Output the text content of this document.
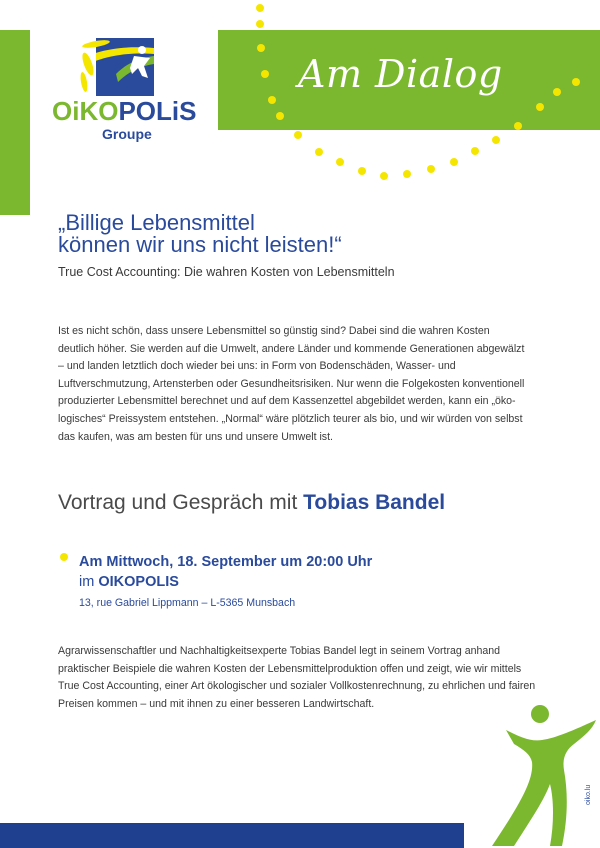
Am Dialog
OiKOPOLiS
Groupe
„Billige Lebensmittel
können wir uns nicht leisten!“
True Cost Accounting: Die wahren Kosten von Lebensmitteln
Ist es nicht schön, dass unsere Lebensmittel so günstig sind? Dabei sind die wahren Kosten deutlich höher. Sie werden auf die Umwelt, andere Länder und kommende Generationen abgewälzt – und landen letztlich doch wieder bei uns: in Form von Bodenschäden, Wasser- und Luftverschmutzung, Artensterben oder Gesundheitsrisiken. Nur wenn die Folgekosten konventionell produzierter Lebensmittel berechnet und auf dem Kassenzettel abgebildet werden, kann ein „öko-logisches“ Preissystem entstehen. „Normal“ wäre plötzlich teurer als bio, und wir würden von selbst das kaufen, was am besten für uns und unsere Umwelt ist.
Vortrag und Gespräch mit Tobias Bandel
Am Mittwoch, 18. September um 20:00 Uhr
im OIKOPOLIS
13, rue Gabriel Lippmann – L-5365 Munsbach
Agrarwissenschaftler und Nachhaltigkeitsexperte Tobias Bandel legt in seinem Vortrag anhand praktischer Beispiele die wahren Kosten der Lebensmittelproduktion offen und zeigt, wie wir mittels True Cost Accounting, einer Art ökologischer und sozialer Vollkostenrechnung, zu ehrlichen und fairen Preisen kommen – und mit ihnen zu einer besseren Landwirtschaft.
oiko.lu
